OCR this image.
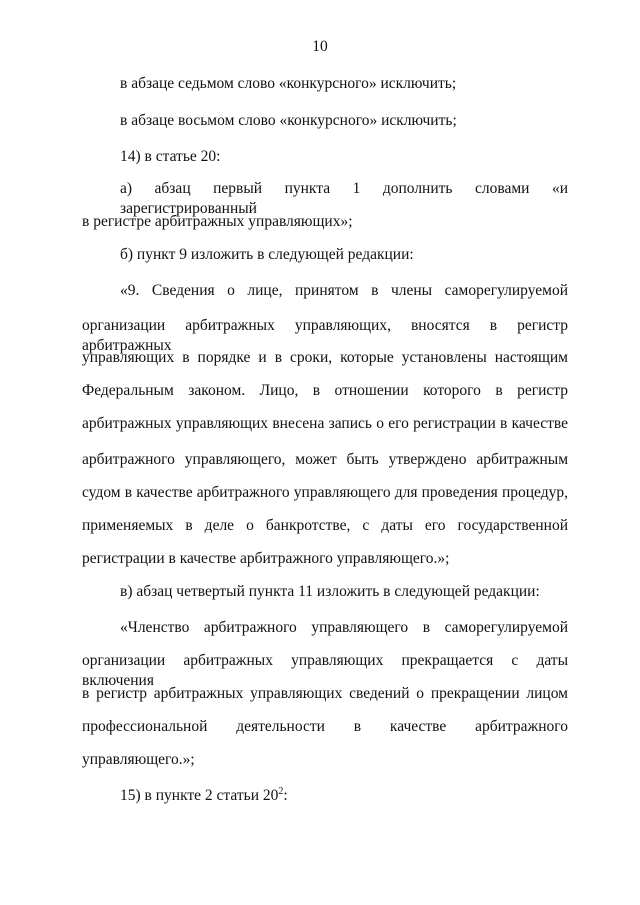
10
в абзаце седьмом слово «конкурсного» исключить;
в абзаце восьмом слово «конкурсного» исключить;
14) в статье 20:
а) абзац первый пункта 1 дополнить словами «и зарегистрированный
в регистре арбитражных управляющих»;
б) пункт 9 изложить в следующей редакции:
«9. Сведения о лице, принятом в члены саморегулируемой
организации арбитражных управляющих, вносятся в регистр арбитражных
управляющих в порядке и в сроки, которые установлены настоящим
Федеральным законом. Лицо, в отношении которого в регистр
арбитражных управляющих внесена запись о его регистрации в качестве
арбитражного управляющего, может быть утверждено арбитражным
судом в качестве арбитражного управляющего для проведения процедур,
применяемых в деле о банкротстве, с даты его государственной
регистрации в качестве арбитражного управляющего.»;
в) абзац четвертый пункта 11 изложить в следующей редакции:
«Членство арбитражного управляющего в саморегулируемой
организации арбитражных управляющих прекращается с даты включения
в регистр арбитражных управляющих сведений о прекращении лицом
профессиональной деятельности в качестве арбитражного
управляющего.»;
15) в пункте 2 статьи $20^2$:
